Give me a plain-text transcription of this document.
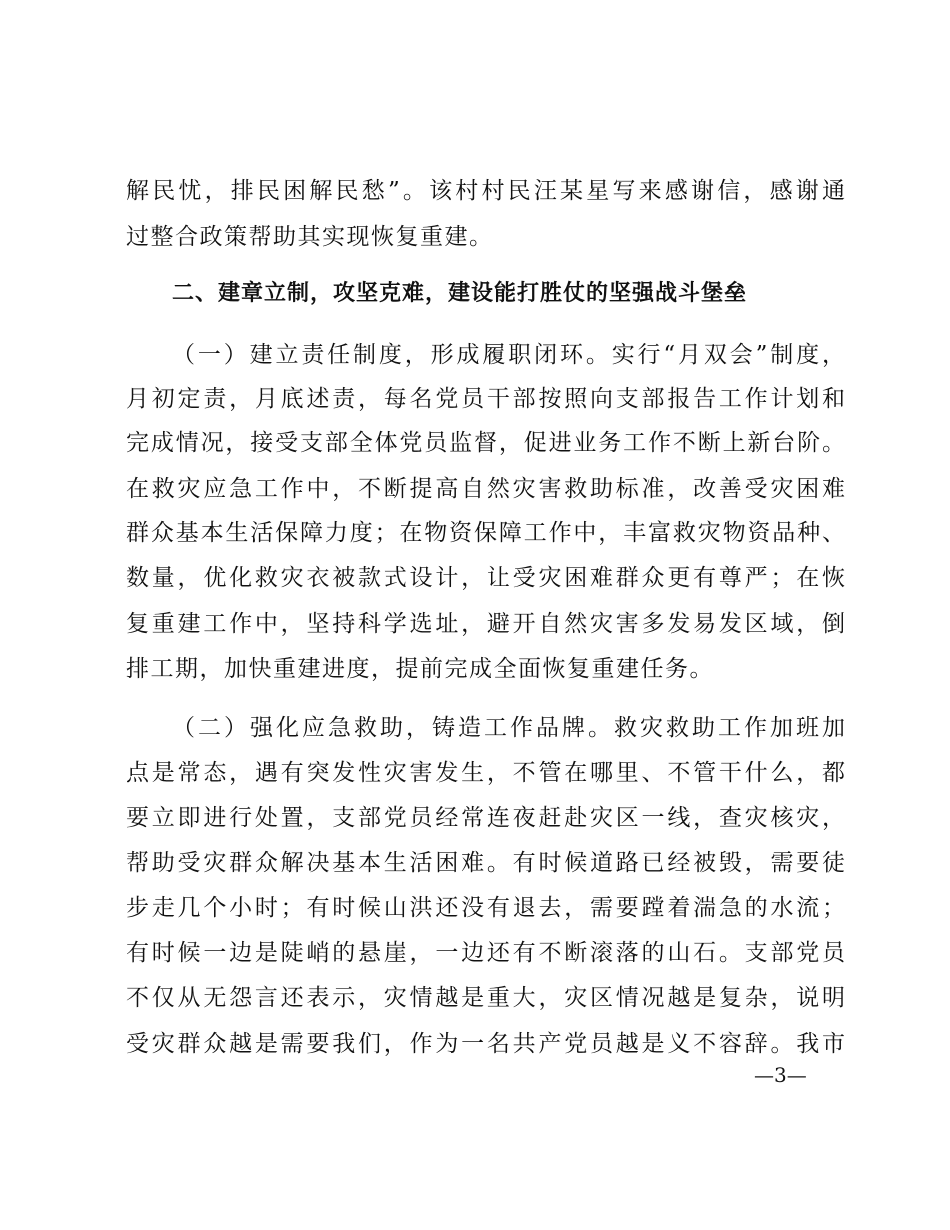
解民忧，排民困解民愁”。该村村民汪某星写来感谢信，感谢通
过整合政策帮助其实现恢复重建。
二、建章立制，攻坚克难，建设能打胜仗的坚强战斗堡垒
（一）建立责任制度，形成履职闭环。实行“月双会”制度，
月初定责，月底述责，每名党员干部按照向支部报告工作计划和
完成情况，接受支部全体党员监督，促进业务工作不断上新台阶。
在救灾应急工作中，不断提高自然灾害救助标准，改善受灾困难
群众基本生活保障力度；在物资保障工作中，丰富救灾物资品种、
数量，优化救灾衣被款式设计，让受灾困难群众更有尊严；在恢
复重建工作中，坚持科学选址，避开自然灾害多发易发区域，倒
排工期，加快重建进度，提前完成全面恢复重建任务。
（二）强化应急救助，铸造工作品牌。救灾救助工作加班加
点是常态，遇有突发性灾害发生，不管在哪里、不管干什么，都
要立即进行处置，支部党员经常连夜赶赴灾区一线，查灾核灾，
帮助受灾群众解决基本生活困难。有时候道路已经被毁，需要徒
步走几个小时；有时候山洪还没有退去，需要蹚着湍急的水流；
有时候一边是陡峭的悬崖，一边还有不断滚落的山石。支部党员
不仅从无怨言还表示，灾情越是重大，灾区情况越是复杂，说明
受灾群众越是需要我们，作为一名共产党员越是义不容辞。我市
—3—
